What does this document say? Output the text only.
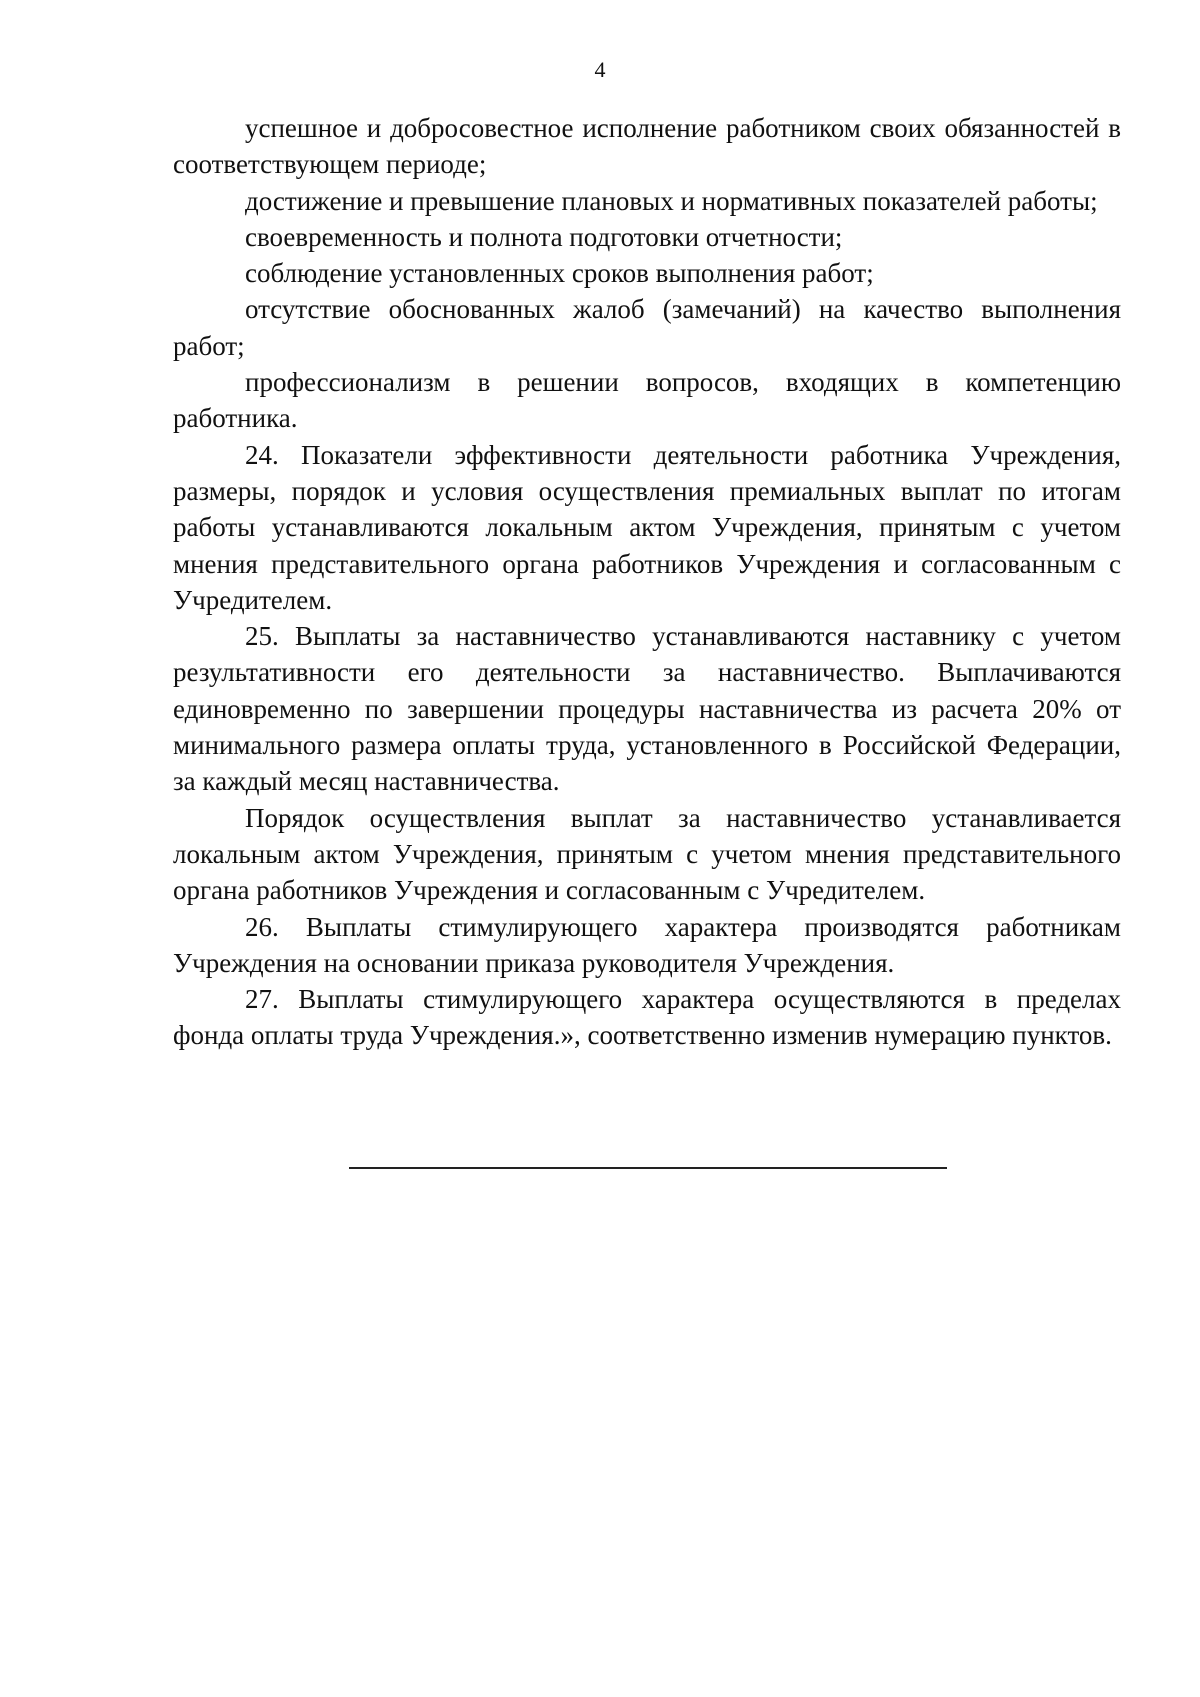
4

успешное и добросовестное исполнение работником своих обязанностей в соответствующем периоде;

достижение и превышение плановых и нормативных показателей работы;

своевременность и полнота подготовки отчетности;

соблюдение установленных сроков выполнения работ;

отсутствие обоснованных жалоб (замечаний) на качество выполнения работ;

профессионализм в решении вопросов, входящих в компетенцию работника.

24. Показатели эффективности деятельности работника Учреждения, размеры, порядок и условия осуществления премиальных выплат по итогам работы устанавливаются локальным актом Учреждения, принятым с учетом мнения представительного органа работников Учреждения и согласованным с Учредителем.

25. Выплаты за наставничество устанавливаются наставнику с учетом результативности его деятельности за наставничество. Выплачиваются единовременно по завершении процедуры наставничества из расчета 20% от минимального размера оплаты труда, установленного в Российской Федерации, за каждый месяц наставничества.

Порядок осуществления выплат за наставничество устанавливается локальным актом Учреждения, принятым с учетом мнения представительного органа работников Учреждения и согласованным с Учредителем.

26. Выплаты стимулирующего характера производятся работникам Учреждения на основании приказа руководителя Учреждения.

27. Выплаты стимулирующего характера осуществляются в пределах фонда оплаты труда Учреждения.», соответственно изменив нумерацию пунктов.
